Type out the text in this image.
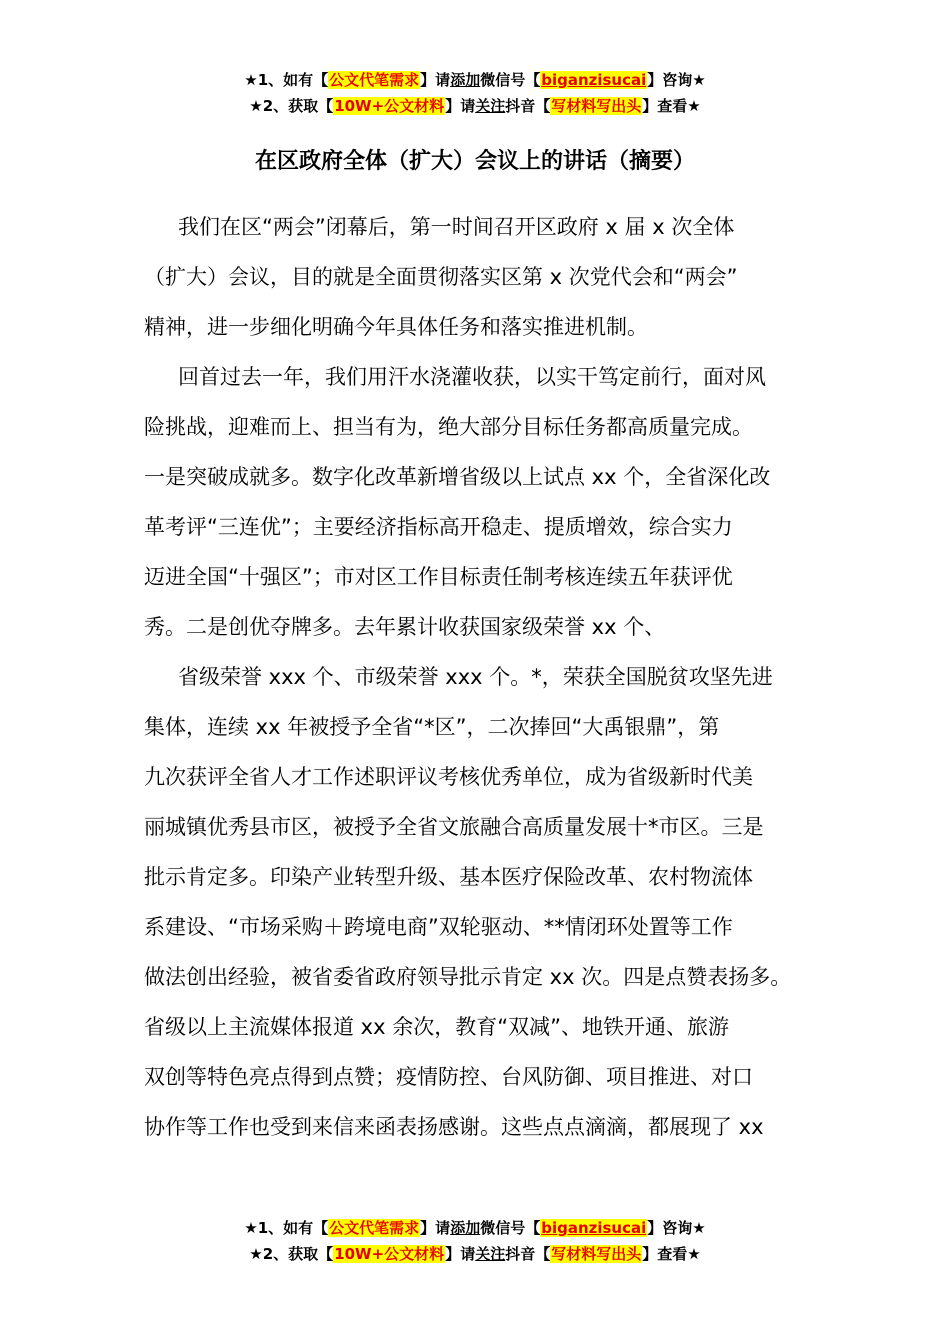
★1、如有【公文代笔需求】请添加微信号【biganzisucai】咨询★
★2、获取【10W+公文材料】请关注抖音【写材料写出头】查看★
在区政府全体（扩大）会议上的讲话（摘要）

我们在区“两会”闭幕后，第一时间召开区政府 x 届 x 次全体
（扩大）会议，目的就是全面贯彻落实区第 x 次党代会和“两会”
精神，进一步细化明确今年具体任务和落实推进机制。

回首过去一年，我们用汗水浇灌收获，以实干笃定前行，面对风
险挑战，迎难而上、担当有为，绝大部分目标任务都高质量完成。
一是突破成就多。数字化改革新增省级以上试点 xx 个，全省深化改
革考评“三连优”；主要经济指标高开稳走、提质增效，综合实力
迈进全国“十强区”；市对区工作目标责任制考核连续五年获评优
秀。二是创优夺牌多。去年累计收获国家级荣誉 xx 个、

省级荣誉 xxx 个、市级荣誉 xxx 个。*，荣获全国脱贫攻坚先进
集体，连续 xx 年被授予全省“*区”，二次捧回“大禹银鼎”，第
九次获评全省人才工作述职评议考核优秀单位，成为省级新时代美
丽城镇优秀县市区，被授予全省文旅融合高质量发展十*市区。三是
批示肯定多。印染产业转型升级、基本医疗保险改革、农村物流体
系建设、“市场采购＋跨境电商”双轮驱动、**情闭环处置等工作
做法创出经验，被省委省政府领导批示肯定 xx 次。四是点赞表扬多。
省级以上主流媒体报道 xx 余次，教育“双减”、地铁开通、旅游
双创等特色亮点得到点赞；疫情防控、台风防御、项目推进、对口
协作等工作也受到来信来函表扬感谢。这些点点滴滴，都展现了 xx

★1、如有【公文代笔需求】请添加微信号【biganzisucai】咨询★
★2、获取【10W+公文材料】请关注抖音【写材料写出头】查看★
